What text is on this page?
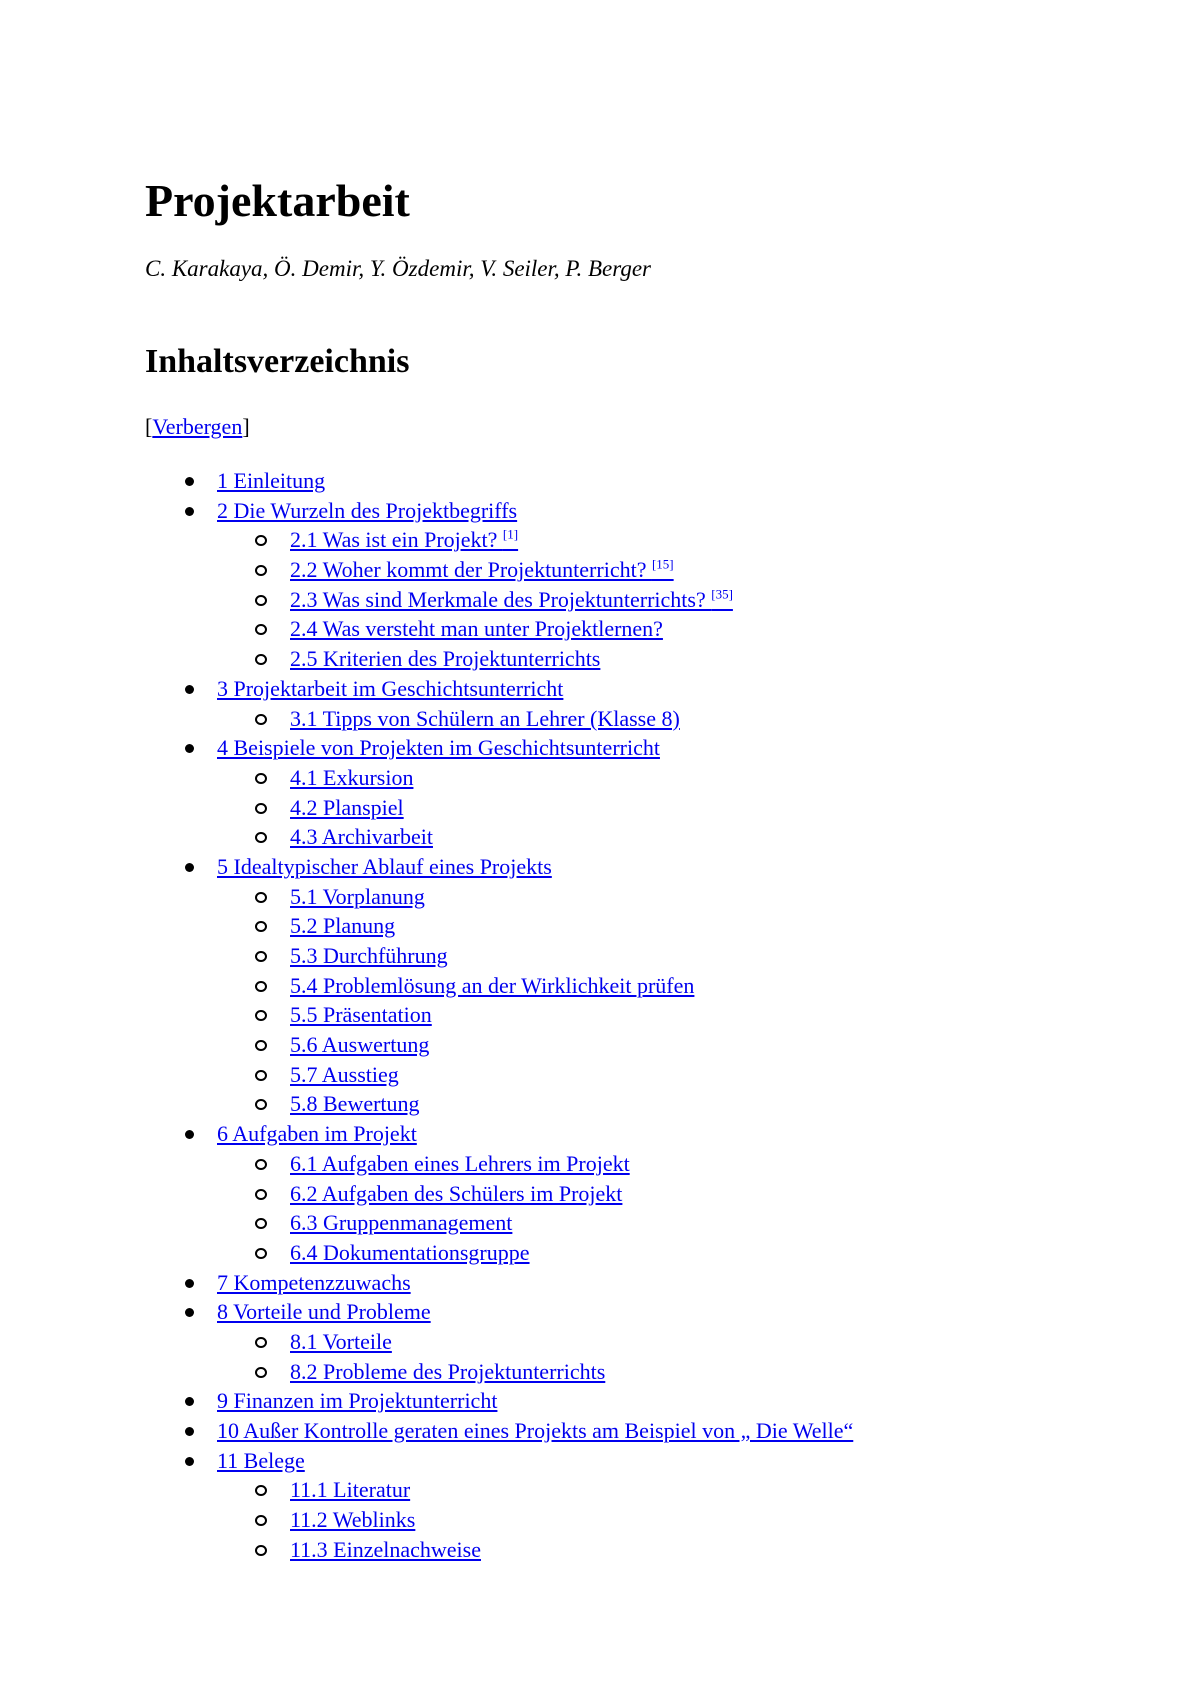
Projektarbeit

C. Karakaya, Ö. Demir, Y. Özdemir, V. Seiler, P. Berger

Inhaltsverzeichnis
[Verbergen]
1 Einleitung
2 Die Wurzeln des Projektbegriffs
2.1 Was ist ein Projekt? [1]
2.2 Woher kommt der Projektunterricht? [15]
2.3 Was sind Merkmale des Projektunterrichts? [35]
2.4 Was versteht man unter Projektlernen?
2.5 Kriterien des Projektunterrichts
3 Projektarbeit im Geschichtsunterricht
3.1 Tipps von Schülern an Lehrer (Klasse 8)
4 Beispiele von Projekten im Geschichtsunterricht
4.1 Exkursion
4.2 Planspiel
4.3 Archivarbeit
5 Idealtypischer Ablauf eines Projekts
5.1 Vorplanung
5.2 Planung
5.3 Durchführung
5.4 Problemlösung an der Wirklichkeit prüfen
5.5 Präsentation
5.6 Auswertung
5.7 Ausstieg
5.8 Bewertung
6 Aufgaben im Projekt
6.1 Aufgaben eines Lehrers im Projekt
6.2 Aufgaben des Schülers im Projekt
6.3 Gruppenmanagement
6.4 Dokumentationsgruppe
7 Kompetenzzuwachs
8 Vorteile und Probleme
8.1 Vorteile
8.2 Probleme des Projektunterrichts
9 Finanzen im Projektunterricht
10 Außer Kontrolle geraten eines Projekts am Beispiel von „ Die Welle“
11 Belege
11.1 Literatur
11.2 Weblinks
11.3 Einzelnachweise
